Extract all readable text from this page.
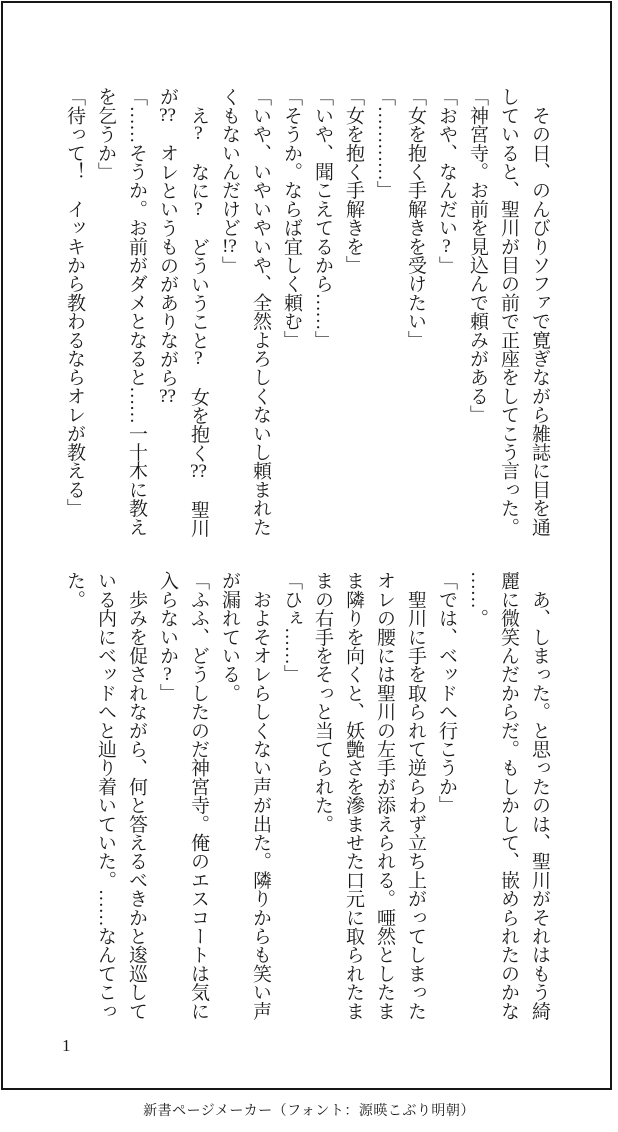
　その日、のんびりソファで寛ぎながら雑誌に目を通
していると、聖川が目の前で正座をしてこう言った。
「神宮寺。お前を見込んで頼みがある」
「おや、なんだい?」
「女を抱く手解きを受けたい」
「…………」
「女を抱く手解きを」
「いや、聞こえてるから……」
「そうか。ならば宜しく頼む」
「いや、いやいやいや、全然よろしくないし頼まれた
くもないんだけど!?」
　え?　なに?　どういうこと?　女を抱く??　聖川
が??　オレというものがありながら??
「……そうか。お前がダメとなると……一十木に教え
を乞うか」
「待って！　イッキから教わるならオレが教える」
　あ、しまった。と思ったのは、聖川がそれはもう綺
麗に微笑んだからだ。もしかして、嵌められたのかな
……。
「では、ベッドへ行こうか」
　聖川に手を取られて逆らわず立ち上がってしまった
オレの腰には聖川の左手が添えられる。唖然としたま
ま隣りを向くと、妖艶さを滲ませた口元に取られたま
まの右手をそっと当てられた。
「ひぇ……」
　およそオレらしくない声が出た。隣りからも笑い声
が漏れている。
「ふふ、どうしたのだ神宮寺。俺のエスコートは気に
入らないか?」
　歩みを促されながら、何と答えるべきかと逡巡して
いる内にベッドへと辿り着いていた。……なんてこっ
た。
1
新書ページメーカー（フォント：源暎こぶり明朝）
